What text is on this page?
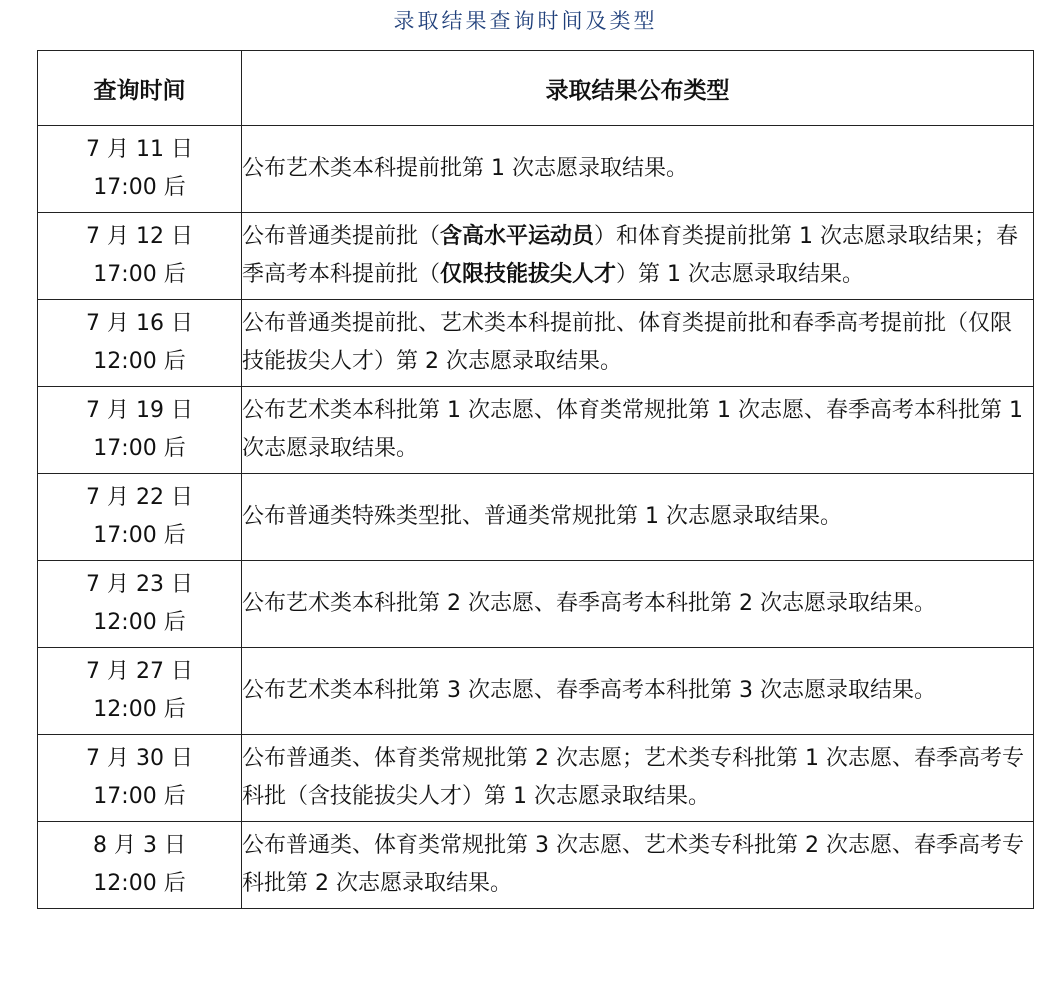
录取结果查询时间及类型
查询时间	录取结果公布类型

7 月 11 日
17:00 后	公布艺术类本科提前批第 1 次志愿录取结果。

7 月 12 日
17:00 后	公布普通类提前批（含高水平运动员）和体育类提前批第 1 次志愿录取结果；春季高考本科提前批（仅限技能拔尖人才）第 1 次志愿录取结果。

7 月 16 日
12:00 后	公布普通类提前批、艺术类本科提前批、体育类提前批和春季高考提前批（仅限技能拔尖人才）第 2 次志愿录取结果。

7 月 19 日
17:00 后	公布艺术类本科批第 1 次志愿、体育类常规批第 1 次志愿、春季高考本科批第 1 次志愿录取结果。

7 月 22 日
17:00 后	公布普通类特殊类型批、普通类常规批第 1 次志愿录取结果。

7 月 23 日
12:00 后	公布艺术类本科批第 2 次志愿、春季高考本科批第 2 次志愿录取结果。

7 月 27 日
12:00 后	公布艺术类本科批第 3 次志愿、春季高考本科批第 3 次志愿录取结果。

7 月 30 日
17:00 后	公布普通类、体育类常规批第 2 次志愿；艺术类专科批第 1 次志愿、春季高考专科批（含技能拔尖人才）第 1 次志愿录取结果。

8 月 3 日
12:00 后	公布普通类、体育类常规批第 3 次志愿、艺术类专科批第 2 次志愿、春季高考专科批第 2 次志愿录取结果。
